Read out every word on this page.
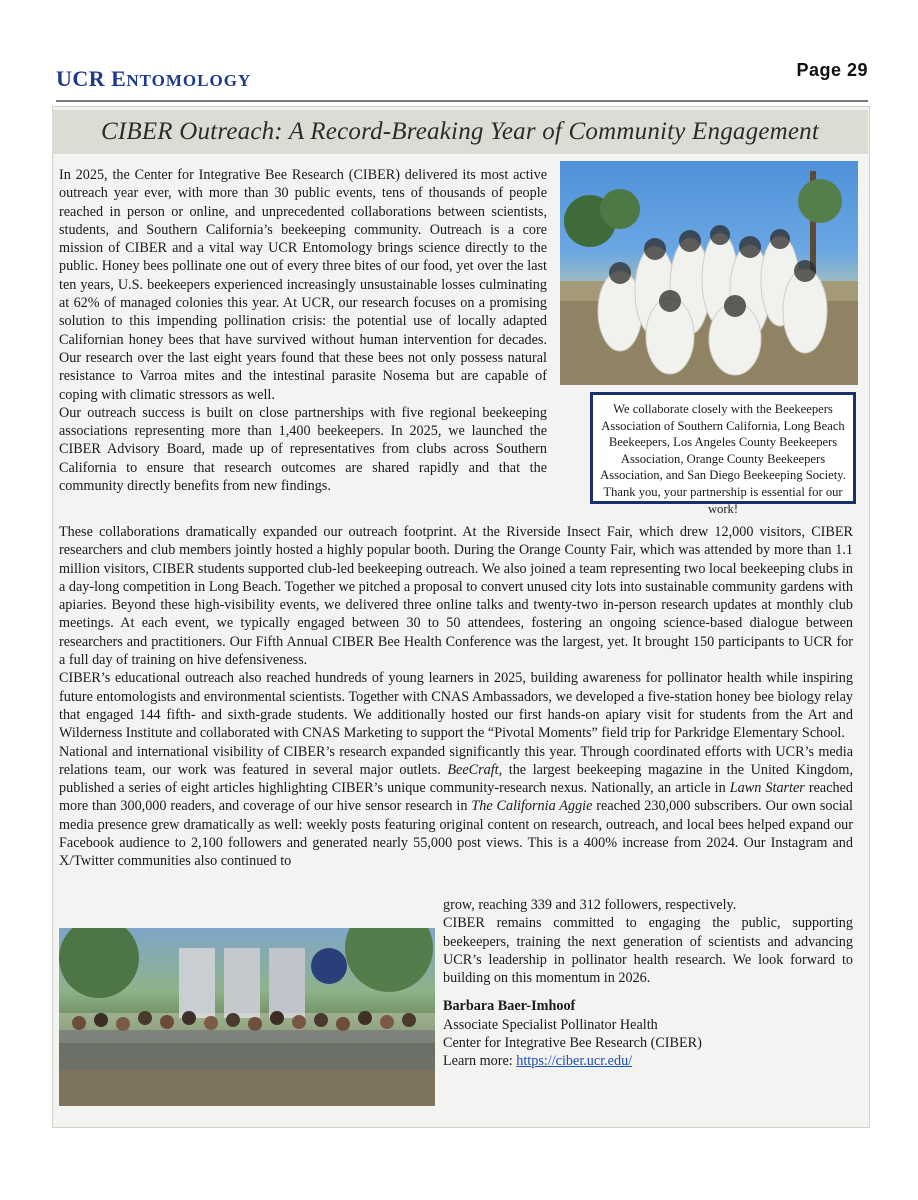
UCR ENTOMOLOGY
Page 29
CIBER Outreach: A Record-Breaking Year of Community Engagement
We collaborate closely with the Beekeepers Association of Southern California, Long Beach Beekeepers, Los Angeles County Beekeepers Association, Orange County Beekeepers Association, and San Diego Beekeeping Society. Thank you, your partnership is essential for our work!

In 2025, the Center for Integrative Bee Research (CIBER) delivered its most active outreach year ever, with more than 30 public events, tens of thousands of people reached in person or online, and unprecedented collaborations between scientists, students, and Southern California’s beekeeping community. Outreach is a core mission of CIBER and a vital way UCR Entomology brings science directly to the public. Honey bees pollinate one out of every three bites of our food, yet over the last ten years, U.S. beekeepers experienced increasingly unsustainable losses culminating at 62% of managed colonies this year. At UCR, our research focuses on a promising solution to this impending pollination crisis: the potential use of locally adapted Californian honey bees that have survived without human intervention for decades. Our research over the last eight years found that these bees not only possess natural resistance to Varroa mites and the intestinal parasite Nosema but are capable of coping with climatic stressors as well.

Our outreach success is built on close partnerships with five regional beekeeping associations representing more than 1,400 beekeepers. In 2025, we launched the CIBER Advisory Board, made up of representatives from clubs across Southern California to ensure that research outcomes are shared rapidly and that the community directly benefits from new findings.

These collaborations dramatically expanded our outreach footprint. At the Riverside Insect Fair, which drew 12,000 visitors, CIBER researchers and club members jointly hosted a highly popular booth. During the Orange County Fair, which was attended by more than 1.1 million visitors, CIBER students supported club-led beekeeping outreach. We also joined a team representing two local beekeeping clubs in a day-long competition in Long Beach. Together we pitched a proposal to convert unused city lots into sustainable community gardens with apiaries. Beyond these high-visibility events, we delivered three online talks and twenty-two in-person research updates at monthly club meetings. At each event, we typically engaged between 30 to 50 attendees, fostering an ongoing science-based dialogue between researchers and practitioners. Our Fifth Annual CIBER Bee Health Conference was the largest, yet. It brought 150 participants to UCR for a full day of training on hive defensiveness.

CIBER’s educational outreach also reached hundreds of young learners in 2025, building awareness for pollinator health while inspiring future entomologists and environmental scientists. Together with CNAS Ambassadors, we developed a five-station honey bee biology relay that engaged 144 fifth- and sixth-grade students. We additionally hosted our first hands-on apiary visit for students from the Art and Wilderness Institute and collaborated with CNAS Marketing to support the “Pivotal Moments” field trip for Parkridge Elementary School.

National and international visibility of CIBER’s research expanded significantly this year. Through coordinated efforts with UCR’s media relations team, our work was featured in several major outlets. BeeCraft, the largest beekeeping magazine in the United Kingdom, published a series of eight articles highlighting CIBER’s unique community-research nexus. Nationally, an article in Lawn Starter reached more than 300,000 readers, and coverage of our hive sensor research in The California Aggie reached 230,000 subscribers. Our own social media presence grew dramatically as well: weekly posts featuring original content on research, outreach, and local bees helped expand our Facebook audience to 2,100 followers and generated nearly 55,000 post views. This is a 400% increase from 2024. Our Instagram and X/Twitter communities also continued to

grow, reaching 339 and 312 followers, respectively.

CIBER remains committed to engaging the public, supporting beekeepers, training the next generation of scientists and advancing UCR’s leadership in pollinator health research. We look forward to building on this momentum in 2026.

Barbara Baer-Imhoof
Associate Specialist Pollinator Health
Center for Integrative Bee Research (CIBER)
Learn more: https://ciber.ucr.edu/
